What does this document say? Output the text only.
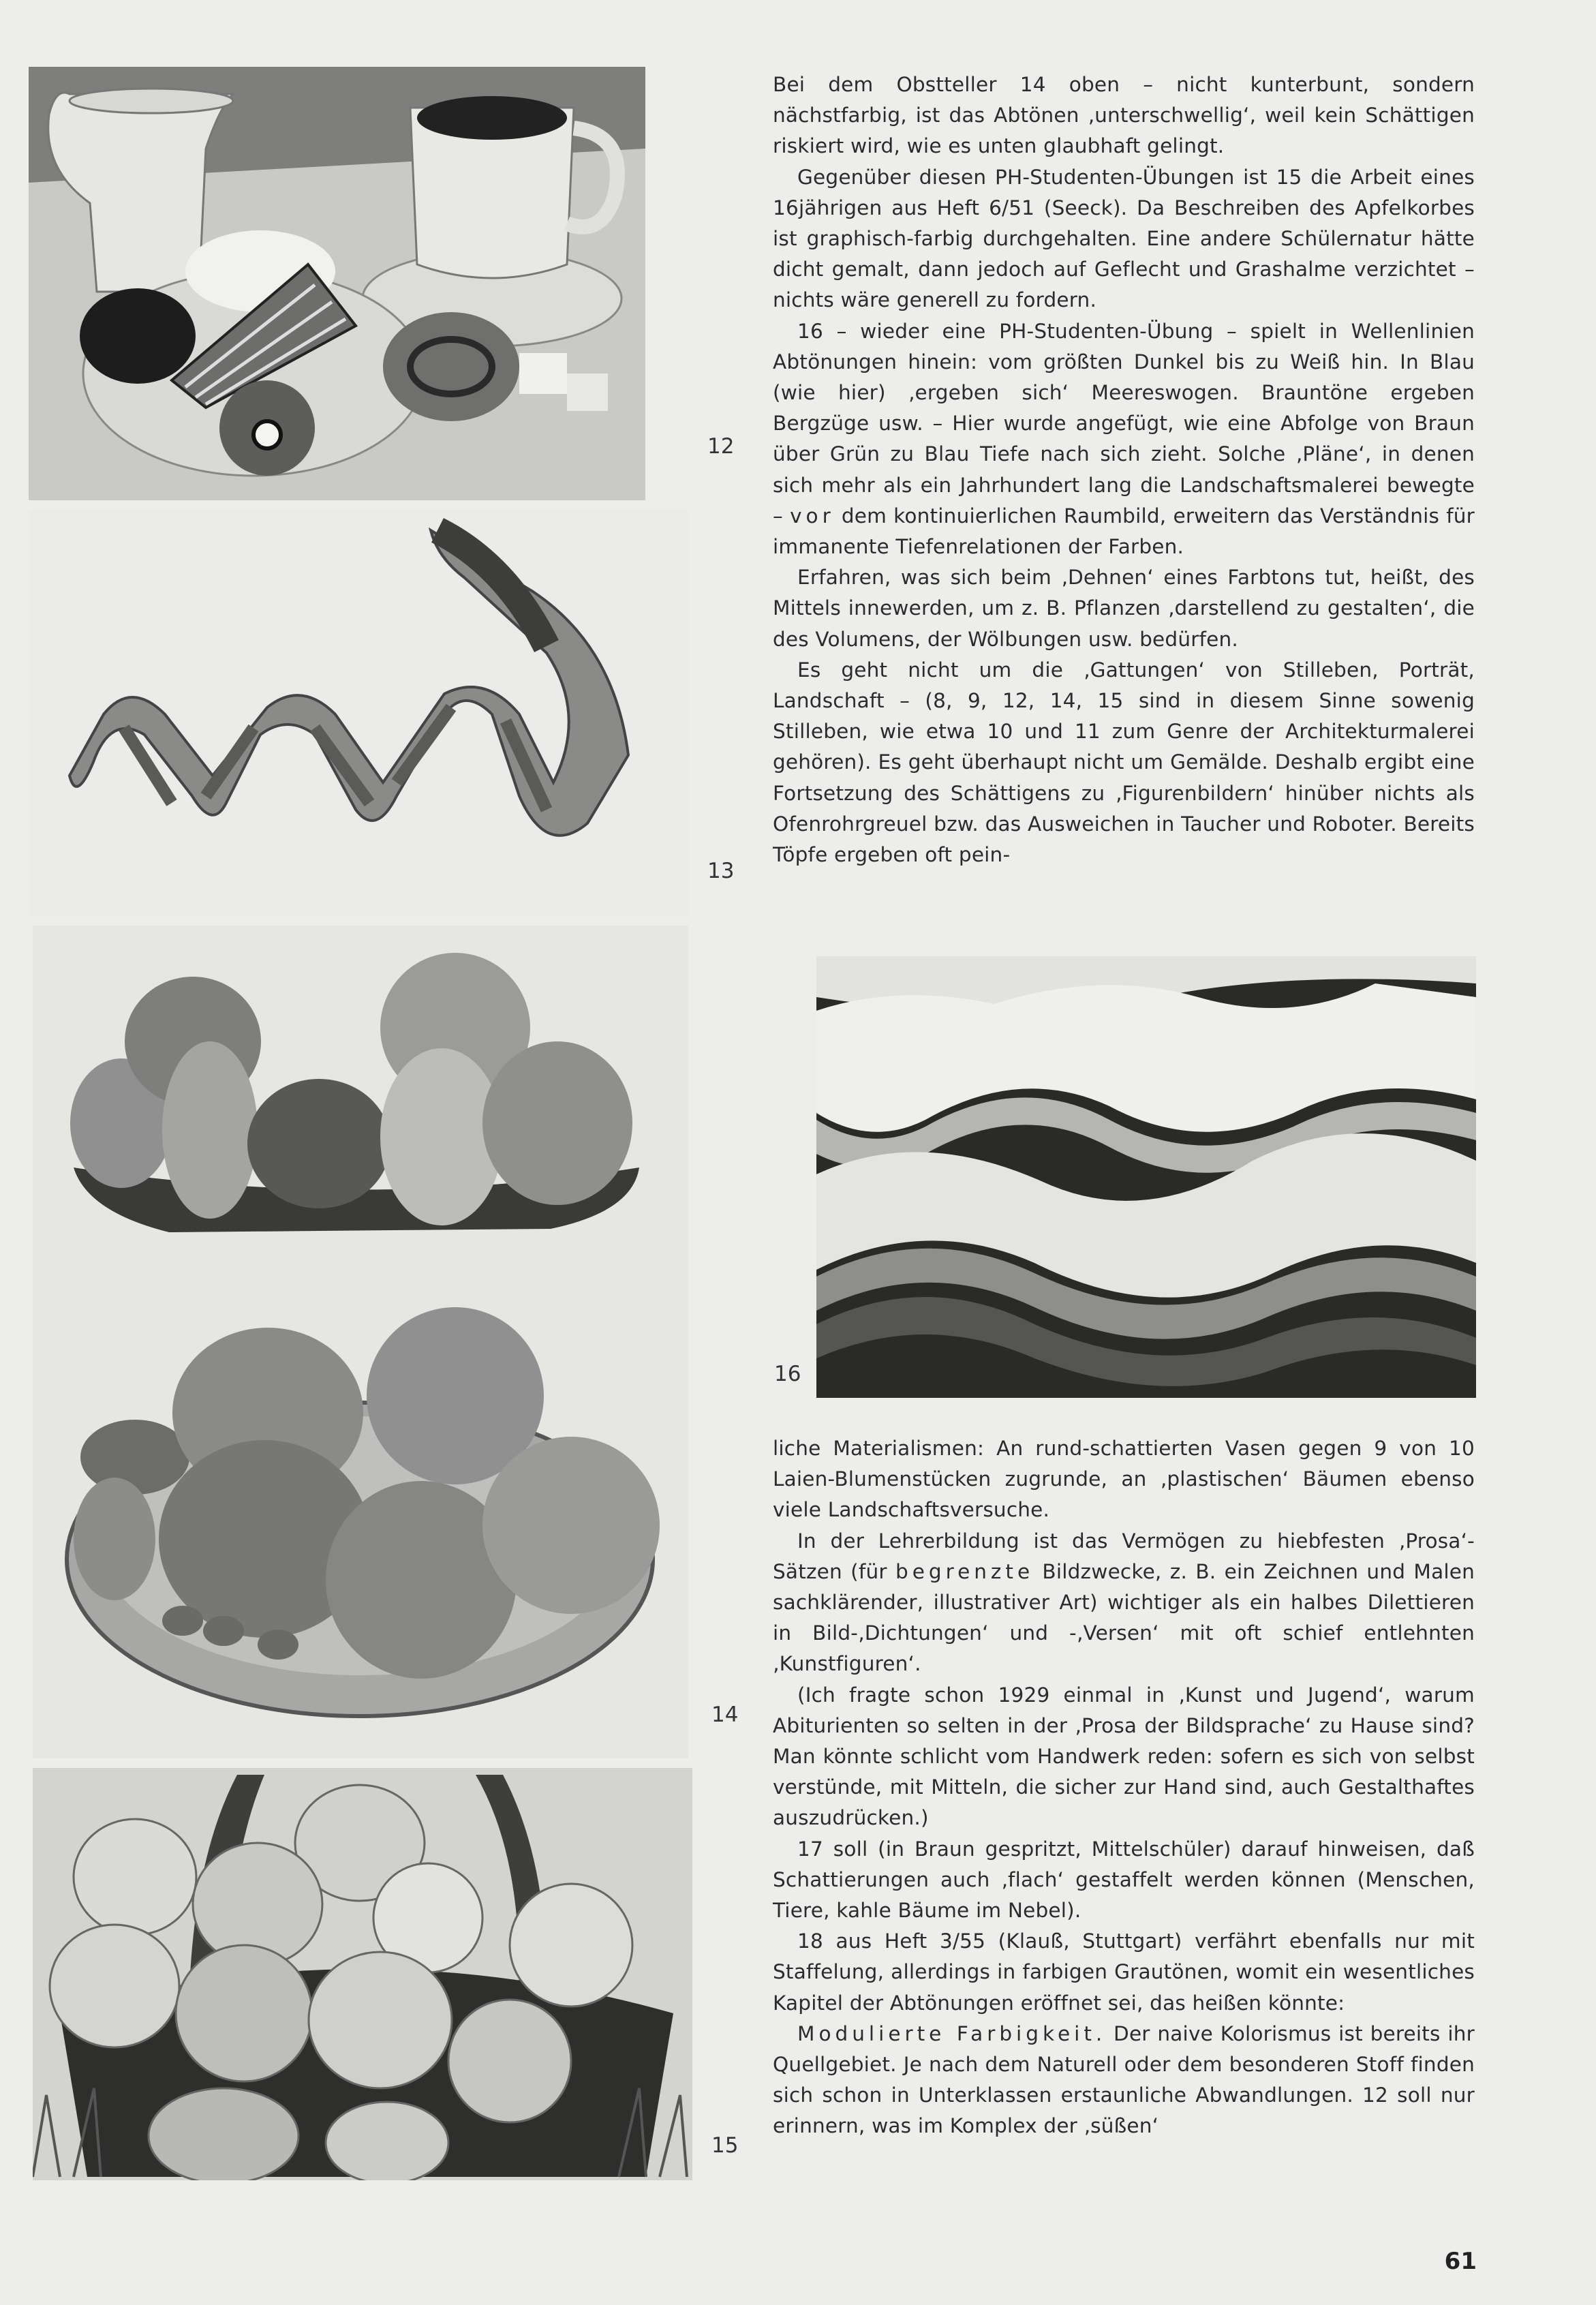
12
13
14
15
16

Bei dem Obstteller 14 oben – nicht kunterbunt, sondern nächstfarbig, ist das Abtönen ‚unterschwellig‘, weil kein Schättigen riskiert wird, wie es unten glaubhaft gelingt.

Gegenüber diesen PH-Studenten-Übungen ist 15 die Arbeit eines 16jährigen aus Heft 6/51 (Seeck). Da Beschreiben des Apfelkorbes ist graphisch-farbig durchgehalten. Eine andere Schülernatur hätte dicht gemalt, dann jedoch auf Geflecht und Grashalme verzichtet – nichts wäre generell zu fordern.

16 – wieder eine PH-Studenten-Übung – spielt in Wellenlinien Abtönungen hinein: vom größten Dunkel bis zu Weiß hin. In Blau (wie hier) ‚ergeben sich‘ Meereswogen. Brauntöne ergeben Bergzüge usw. – Hier wurde angefügt, wie eine Abfolge von Braun über Grün zu Blau Tiefe nach sich zieht. Solche ‚Pläne‘, in denen sich mehr als ein Jahrhundert lang die Landschaftsmalerei bewegte – vor dem kontinuierlichen Raumbild, erweitern das Verständnis für immanente Tiefenrelationen der Farben.

Erfahren, was sich beim ‚Dehnen‘ eines Farbtons tut, heißt, des Mittels innewerden, um z. B. Pflanzen ‚darstellend zu gestalten‘, die des Volumens, der Wölbungen usw. bedürfen.

Es geht nicht um die ‚Gattungen‘ von Stilleben, Porträt, Landschaft – (8, 9, 12, 14, 15 sind in diesem Sinne sowenig Stilleben, wie etwa 10 und 11 zum Genre der Architekturmalerei gehören). Es geht überhaupt nicht um Gemälde. Deshalb ergibt eine Fortsetzung des Schättigens zu ‚Figurenbildern‘ hinüber nichts als Ofenrohrgreuel bzw. das Ausweichen in Taucher und Roboter. Bereits Töpfe ergeben oft pein-

liche Materialismen: An rund-schattierten Vasen gegen 9 von 10 Laien-Blumenstücken zugrunde, an ‚plastischen‘ Bäumen ebenso viele Landschaftsversuche.

In der Lehrerbildung ist das Vermögen zu hiebfesten ‚Prosa‘-Sätzen (für begrenzte Bildzwecke, z. B. ein Zeichnen und Malen sachklärender, illustrativer Art) wichtiger als ein halbes Dilettieren in Bild-‚Dichtungen‘ und -‚Versen‘ mit oft schief entlehnten ‚Kunstfiguren‘.

(Ich fragte schon 1929 einmal in ‚Kunst und Jugend‘, warum Abiturienten so selten in der ‚Prosa der Bildsprache‘ zu Hause sind? Man könnte schlicht vom Handwerk reden: sofern es sich von selbst verstünde, mit Mitteln, die sicher zur Hand sind, auch Gestalthaftes auszudrücken.)

17 soll (in Braun gespritzt, Mittelschüler) darauf hinweisen, daß Schattierungen auch ‚flach‘ gestaffelt werden können (Menschen, Tiere, kahle Bäume im Nebel).

18 aus Heft 3/55 (Klauß, Stuttgart) verfährt ebenfalls nur mit Staffelung, allerdings in farbigen Grautönen, womit ein wesentliches Kapitel der Abtönungen eröffnet sei, das heißen könnte:

Modulierte Farbigkeit. Der naive Kolorismus ist bereits ihr Quellgebiet. Je nach dem Naturell oder dem besonderen Stoff finden sich schon in Unterklassen erstaunliche Abwandlungen. 12 soll nur erinnern, was im Komplex der ‚süßen‘

61
